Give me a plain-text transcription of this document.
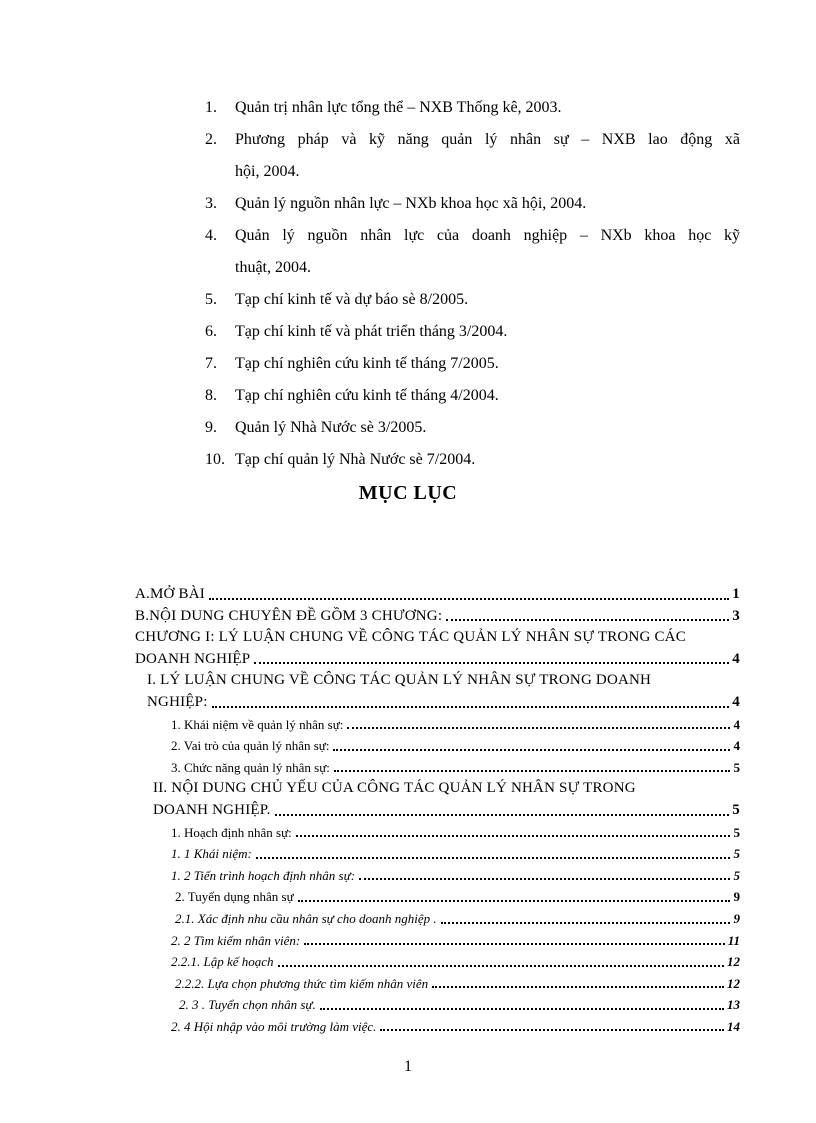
1. Quản trị nhân lực tổng thể – NXB Thống kê, 2003.
2. Phương pháp và kỹ năng quản lý nhân sự – NXB lao động xã
hội, 2004.
3. Quản lý nguồn nhân lực – NXb khoa học xã hội, 2004.
4. Quản lý nguồn nhân lực của doanh nghiệp – NXb khoa học kỹ
thuật, 2004.
5. Tạp chí kinh tế và dự báo sè 8/2005.
6. Tạp chí kinh tế và phát triển tháng 3/2004.
7. Tạp chí nghiên cứu kinh tế tháng 7/2005.
8. Tạp chí nghiên cứu kinh tế tháng 4/2004.
9. Quản lý Nhà Nước sè 3/2005.
10. Tạp chí quản lý Nhà Nước sè 7/2004.
MỤC LỤC
A.MỞ BÀI	1
B.NỘI DUNG CHUYÊN ĐỀ GỒM 3 CHƯƠNG:	3
CHƯƠNG I: LÝ LUẬN CHUNG VỀ CÔNG TÁC QUẢN LÝ NHÂN SỰ TRONG CÁC
DOANH NGHIỆP	4
I. LÝ LUẬN CHUNG VỀ CÔNG TÁC QUẢN LÝ NHÂN SỰ TRONG DOANH
NGHIỆP:	4
1. Khái niệm về quản lý nhân sự:	4
2. Vai trò của quản lý nhân sự:	4
3. Chức năng quản lý nhân sự:	5
II. NỘI DUNG CHỦ YẾU CỦA CÔNG TÁC QUẢN LÝ NHÂN SỰ TRONG
DOANH NGHIỆP.	5
1. Hoạch định nhân sự:	5
1. 1 Khái niệm:	5
1. 2 Tiến trình hoạch định nhân sự:	5
2. Tuyển dụng nhân sự	9
2.1. Xác định nhu cầu nhân sự cho doanh nghiệp .	9
2. 2 Tìm kiếm nhân viên:	11
2.2.1. Lập kế hoạch	12
2.2.2. Lựa chọn phương thức tìm kiếm nhân viên	12
2. 3 . Tuyển chọn nhân sự.	13
2. 4 Hội nhập vào môi trường làm việc.	14
1
